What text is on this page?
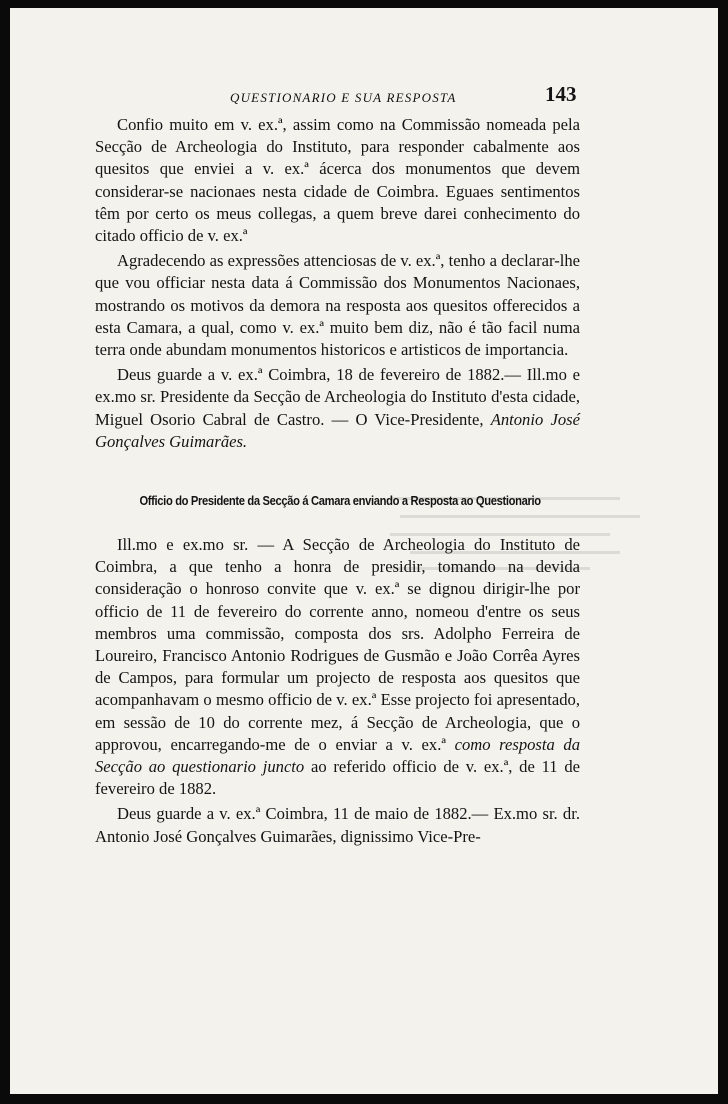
QUESTIONARIO E SUA RESPOSTA	143

Confio muito em v. ex.ª, assim como na Commissão nomeada pela Secção de Archeologia do Instituto, para responder cabalmente aos quesitos que enviei a v. ex.ª ácerca dos monumentos que devem considerar-se nacionaes nesta cidade de Coimbra. Eguaes sentimentos têm por certo os meus collegas, a quem breve darei conhecimento do citado officio de v. ex.ª

Agradecendo as expressões attenciosas de v. ex.ª, tenho a declarar-lhe que vou officiar nesta data á Commissão dos Monumentos Nacionaes, mostrando os motivos da demora na resposta aos quesitos offerecidos a esta Camara, a qual, como v. ex.ª muito bem diz, não é tão facil numa terra onde abundam monumentos historicos e artisticos de importancia.

Deus guarde a v. ex.ª Coimbra, 18 de fevereiro de 1882.— Ill.mo e ex.mo sr. Presidente da Secção de Archeologia do Instituto d'esta cidade, Miguel Osorio Cabral de Castro. — O Vice-Presidente, Antonio José Gonçalves Guimarães.

Officio do Presidente da Secção á Camara enviando a Resposta ao Questionario

Ill.mo e ex.mo sr. — A Secção de Archeologia do Instituto de Coimbra, a que tenho a honra de presidir, tomando na devida consideração o honroso convite que v. ex.ª se dignou dirigir-lhe por officio de 11 de fevereiro do corrente anno, nomeou d'entre os seus membros uma commissão, composta dos srs. Adolpho Ferreira de Loureiro, Francisco Antonio Rodrigues de Gusmão e João Corrêa Ayres de Campos, para formular um projecto de resposta aos quesitos que acompanhavam o mesmo officio de v. ex.ª Esse projecto foi apresentado, em sessão de 10 do corrente mez, á Secção de Archeologia, que o approvou, encarregando-me de o enviar a v. ex.ª como resposta da Secção ao questionario juncto ao referido officio de v. ex.ª, de 11 de fevereiro de 1882.

Deus guarde a v. ex.ª Coimbra, 11 de maio de 1882.— Ex.mo sr. dr. Antonio José Gonçalves Guimarães, dignissimo Vice-Pre-
